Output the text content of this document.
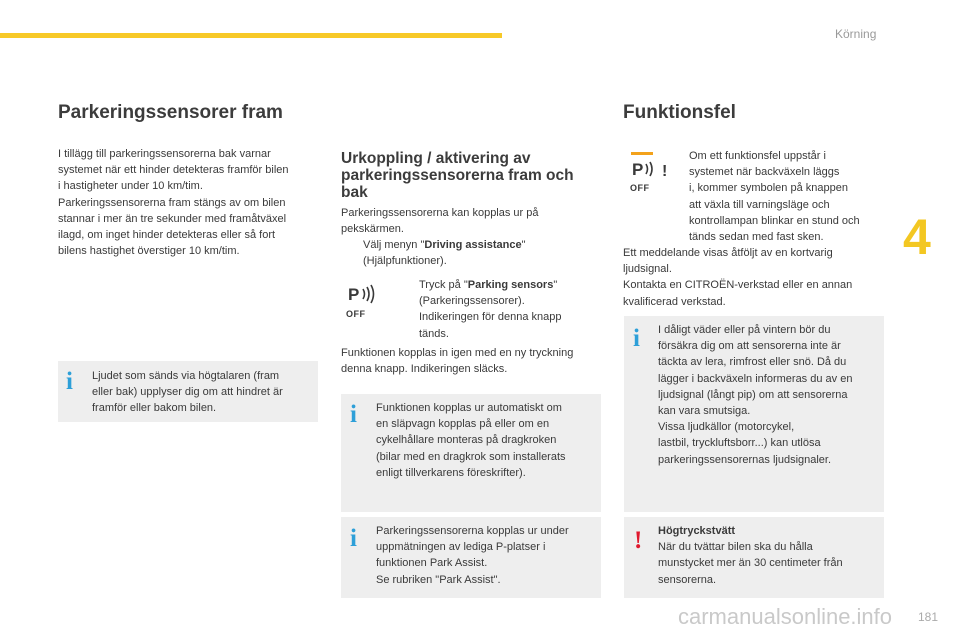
Körning
4
Parkeringssensorer fram

I tillägg till parkeringssensorerna bak varnar

systemet när ett hinder detekteras framför bilen

i hastigheter under 10 km/tim.

Parkeringssensorerna fram stängs av om bilen

stannar i mer än tre sekunder med framåtväxel

ilagd, om inget hinder detekteras eller så fort

bilens hastighet överstiger 10 km/tim.

i Ljudet som sänds via högtalaren (fram
eller bak) upplyser dig om att hindret är
framför eller bakom bilen.

Urkoppling / aktivering av

parkeringssensorerna fram och

bak

Parkeringssensorerna kan kopplas ur på

pekskärmen.

Välj menyn "Driving assistance"

(Hjälpfunktioner).

P
OFF

Tryck på "Parking sensors"

(Parkeringssensorer).

Indikeringen för denna knapp

tänds.

Funktionen kopplas in igen med en ny tryckning

denna knapp. Indikeringen släcks.

i Funktionen kopplas ur automatiskt om
en släpvagn kopplas på eller om en
cykelhållare monteras på dragkroken
(bilar med en dragkrok som installerats
enligt tillverkarens föreskrifter).
i Parkeringssensorerna kopplas ur under
uppmätningen av lediga P-platser i
funktionen Park Assist.
Se rubriken "Park Assist".
Funktionsfel
P !
OFF

Om ett funktionsfel uppstår i

systemet när backväxeln läggs

i, kommer symbolen på knappen

att växla till varningsläge och

kontrollampan blinkar en stund och

tänds sedan med fast sken.

Ett meddelande visas åtföljt av en kortvarig

ljudsignal.

Kontakta en CITROËN-verkstad eller en annan

kvalificerad verkstad.

i I dåligt väder eller på vintern bör du
försäkra dig om att sensorerna inte är
täckta av lera, rimfrost eller snö. Då du
lägger i backväxeln informeras du av en
ljudsignal (långt pip) om att sensorerna
kan vara smutsiga.
Vissa ljudkällor (motorcykel,
lastbil, tryckluftsborr...) kan utlösa
parkeringssensorernas ljudsignaler.
! Högtryckstvätt
När du tvättar bilen ska du hålla
munstycket mer än 30 centimeter från
sensorerna.
carmanualsonline.info 181
